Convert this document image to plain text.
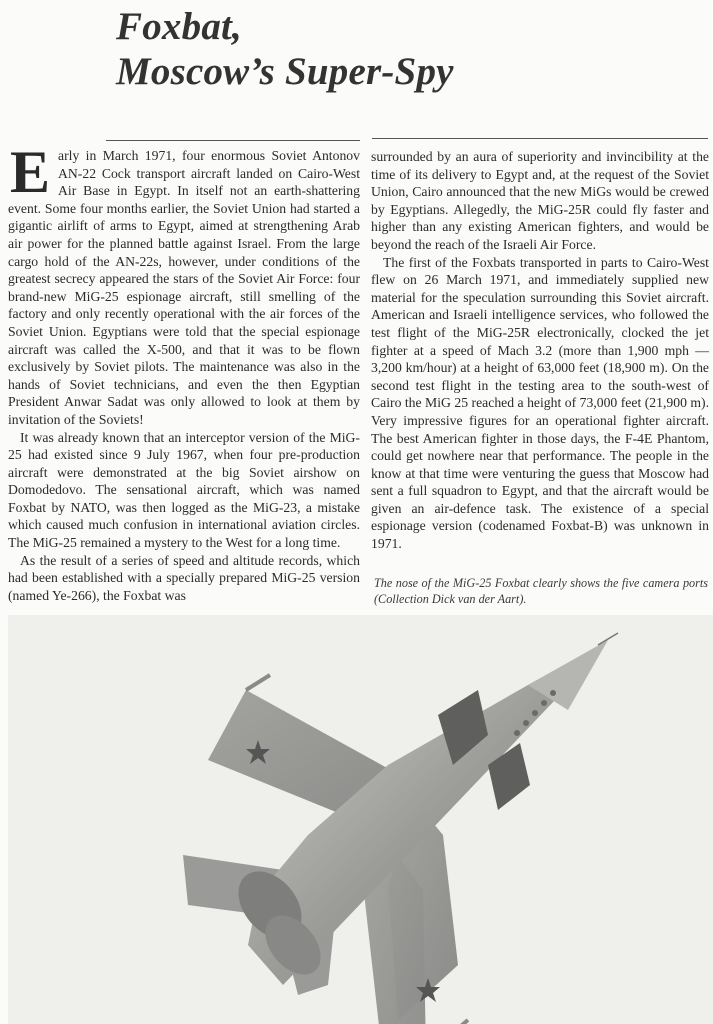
Foxbat,
Moscow’s Super-Spy

Early in March 1971, four enormous Soviet Antonov AN-22 Cock transport aircraft landed on Cairo-West Air Base in Egypt. In itself not an earth-shattering event. Some four months earlier, the Soviet Union had started a gigantic airlift of arms to Egypt, aimed at strengthening Arab air power for the planned battle against Israel. From the large cargo hold of the AN-22s, however, under conditions of the greatest secrecy appeared the stars of the Soviet Air Force: four brand-new MiG-25 espionage aircraft, still smelling of the factory and only recently operational with the air forces of the Soviet Union. Egyptians were told that the special espionage aircraft was called the X-500, and that it was to be flown exclusively by Soviet pilots. The maintenance was also in the hands of Soviet technicians, and even the then Egyptian President Anwar Sadat was only allowed to look at them by invitation of the Soviets!

It was already known that an interceptor version of the MiG-25 had existed since 9 July 1967, when four pre-production aircraft were demonstrated at the big Soviet airshow on Domodedovo. The sensational aircraft, which was named Foxbat by NATO, was then logged as the MiG-23, a mistake which caused much confusion in international aviation circles. The MiG-25 remained a mystery to the West for a long time.

As the result of a series of speed and altitude records, which had been established with a specially prepared MiG-25 version (named Ye-266), the Foxbat was

surrounded by an aura of superiority and invincibility at the time of its delivery to Egypt and, at the request of the Soviet Union, Cairo announced that the new MiGs would be crewed by Egyptians. Allegedly, the MiG-25R could fly faster and higher than any existing American fighters, and would be beyond the reach of the Israeli Air Force.

The first of the Foxbats transported in parts to Cairo-West flew on 26 March 1971, and immediately supplied new material for the speculation surrounding this Soviet aircraft. American and Israeli intelligence services, who followed the test flight of the MiG-25R electronically, clocked the jet fighter at a speed of Mach 3.2 (more than 1,900 mph — 3,200 km/hour) at a height of 63,000 feet (18,900 m). On the second test flight in the testing area to the south-west of Cairo the MiG 25 reached a height of 73,000 feet (21,900 m). Very impressive figures for an operational fighter aircraft. The best American fighter in those days, the F-4E Phantom, could get nowhere near that performance. The people in the know at that time were venturing the guess that Moscow had sent a full squadron to Egypt, and that the aircraft would be given an air-defence task. The existence of a special espionage version (codenamed Foxbat-B) was unknown in 1971.

The nose of the MiG-25 Foxbat clearly shows the five camera ports (Collection Dick van der Aart).
